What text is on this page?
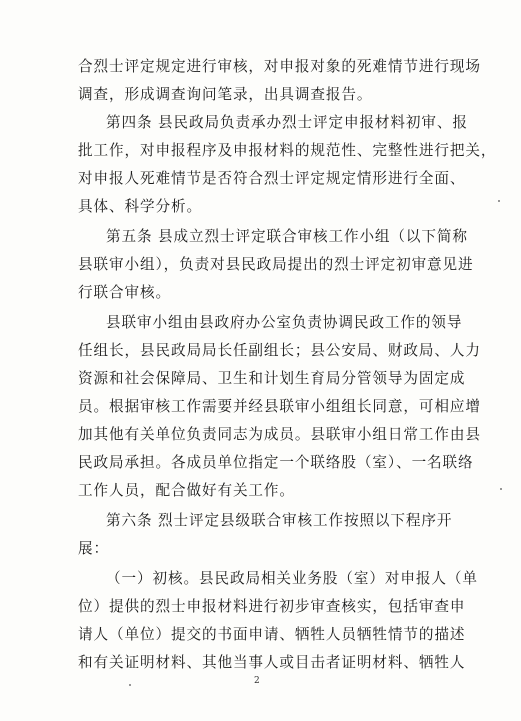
合烈士评定规定进行审核，对申报对象的死难情节进行现场
调查，形成调查询问笔录，出具调查报告。
第四条 县民政局负责承办烈士评定申报材料初审、报
批工作，对申报程序及申报材料的规范性、完整性进行把关，
对申报人死难情节是否符合烈士评定规定情形进行全面、
具体、科学分析。
第五条 县成立烈士评定联合审核工作小组（以下简称
县联审小组），负责对县民政局提出的烈士评定初审意见进
行联合审核。
县联审小组由县政府办公室负责协调民政工作的领导
任组长，县民政局局长任副组长；县公安局、财政局、人力
资源和社会保障局、卫生和计划生育局分管领导为固定成
员。根据审核工作需要并经县联审小组组长同意，可相应增
加其他有关单位负责同志为成员。县联审小组日常工作由县
民政局承担。各成员单位指定一个联络股（室）、一名联络
工作人员，配合做好有关工作。
第六条 烈士评定县级联合审核工作按照以下程序开
展：
（一）初核。县民政局相关业务股（室）对申报人（单
位）提供的烈士申报材料进行初步审查核实，包括审查申
请人（单位）提交的书面申请、牺牲人员牺牲情节的描述
和有关证明材料、其他当事人或目击者证明材料、牺牲人
2
